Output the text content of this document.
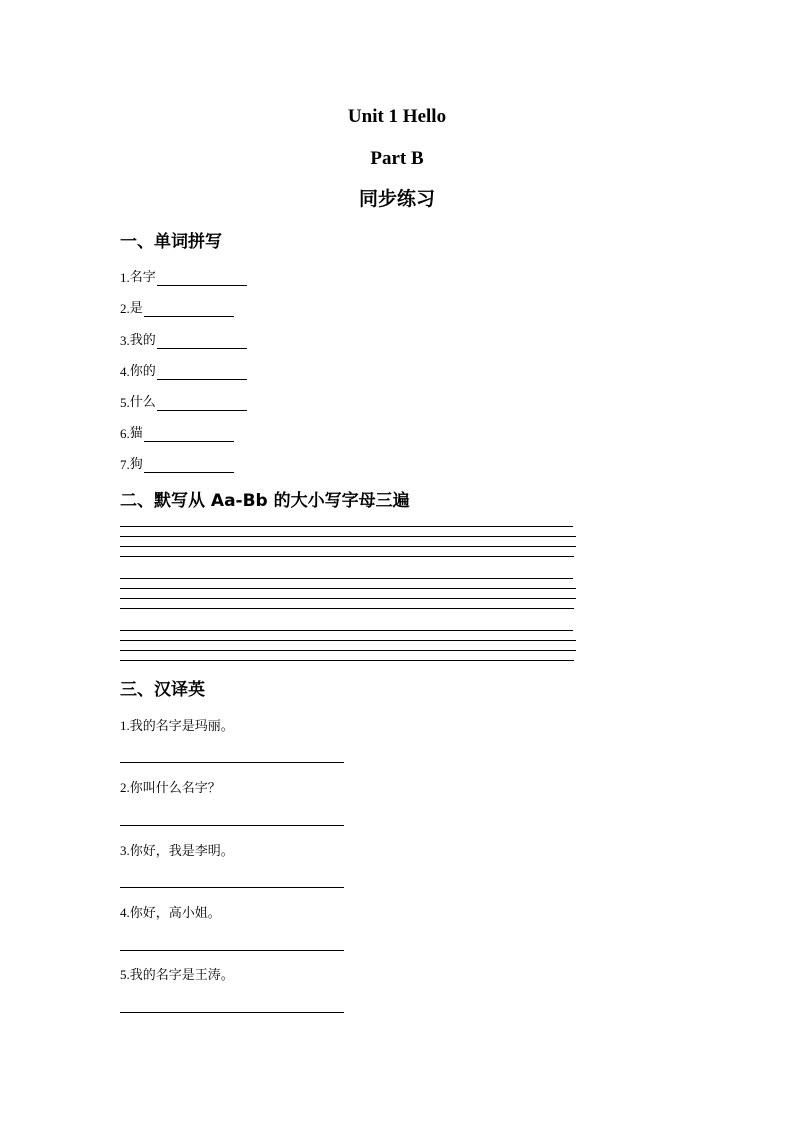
Unit 1 Hello
Part B
同步练习
一、单词拼写
1. 名字
2. 是
3. 我的
4. 你的
5. 什么
6. 猫
7. 狗
二、默写从 Aa-Bb 的大小写字母三遍
三、汉译英
1.我的名字是玛丽。
2.你叫什么名字？
3.你好，我是李明。
4.你好，高小姐。
5.我的名字是王涛。
